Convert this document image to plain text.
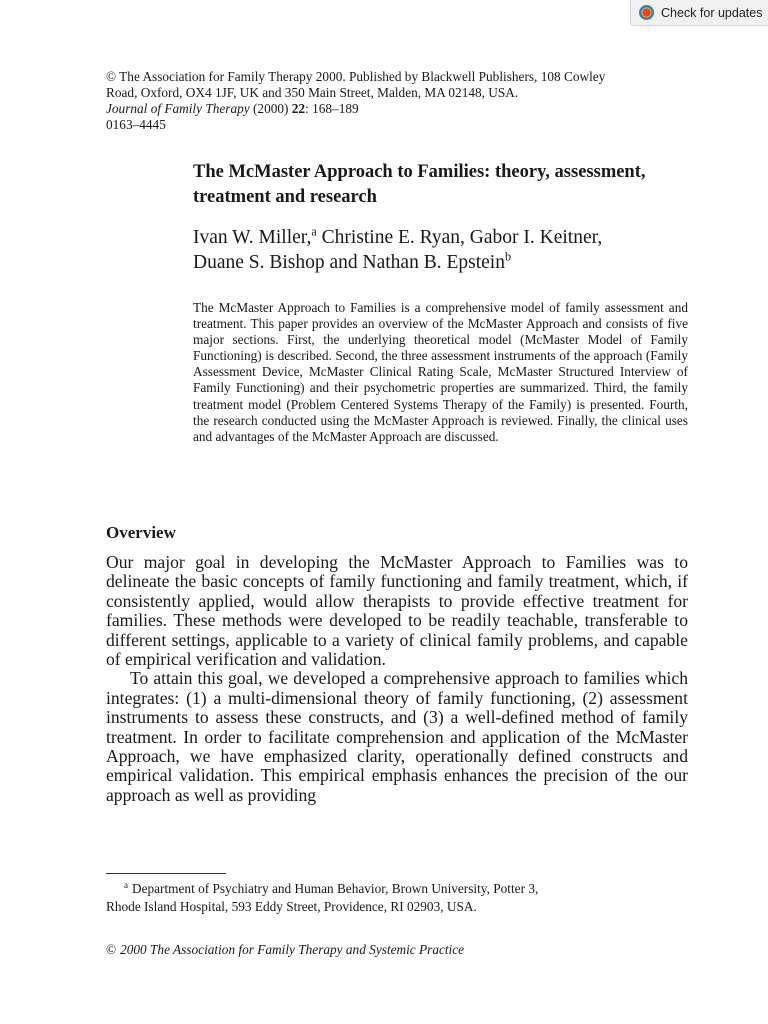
Check for updates
© The Association for Family Therapy 2000. Published by Blackwell Publishers, 108 Cowley
Road, Oxford, OX4 1JF, UK and 350 Main Street, Malden, MA 02148, USA.
Journal of Family Therapy (2000) 22: 168–189
0163–4445
The McMaster Approach to Families: theory, assessment, treatment and research
Ivan W. Miller,$^a$ Christine E. Ryan, Gabor I. Keitner,
Duane S. Bishop and Nathan B. Epstein$^b$
The McMaster Approach to Families is a comprehensive model of family assessment and treatment. This paper provides an overview of the McMaster Approach and consists of five major sections. First, the underlying theoretical model (McMaster Model of Family Functioning) is described. Second, the three assessment instruments of the approach (Family Assessment Device, McMaster Clinical Rating Scale, McMaster Structured Interview of Family Functioning) and their psychometric properties are summarized. Third, the family treatment model (Problem Centered Systems Therapy of the Family) is presented. Fourth, the research conducted using the McMaster Approach is reviewed. Finally, the clinical uses and advantages of the McMaster Approach are discussed.
Overview

Our major goal in developing the McMaster Approach to Families was to delineate the basic concepts of family functioning and family treatment, which, if consistently applied, would allow therapists to provide effective treatment for families. These methods were developed to be readily teachable, transferable to different settings, applicable to a variety of clinical family problems, and capable of empirical verification and validation.

To attain this goal, we developed a comprehensive approach to families which integrates: (1) a multi-dimensional theory of family functioning, (2) assessment instruments to assess these constructs, and (3) a well-defined method of family treatment. In order to facilitate comprehension and application of the McMaster Approach, we have emphasized clarity, operationally defined constructs and empirical validation. This empirical emphasis enhances the precision of the our approach as well as providing

$^a$ Department of Psychiatry and Human Behavior, Brown University, Potter 3,
Rhode Island Hospital, 593 Eddy Street, Providence, RI 02903, USA.
© 2000 The Association for Family Therapy and Systemic Practice
